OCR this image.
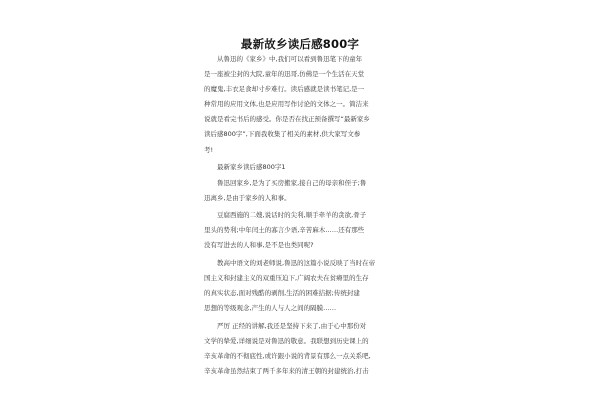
最新故乡读后感800字
从鲁迅的《家乡》中,我们可以看到鲁迅笔下的童年
是一座被尘封的大院,童年的迅哥,仿佛是一个生活在天堂
的魔鬼,丰衣足食却寸步难行。读后感就是读书笔记,是一
种常用的应用文体,也是应用写作讨论的文体之一。简洁来
说就是看完书后的感受。你是否在找正预备撰写“最新家乡
读后感800字”,下面我收集了相关的素材,供大家写文参
考!
最新家乡读后感800字1
鲁迅回家乡,是为了买房搬家,接自己的母亲和侄子;鲁
迅离乡,是由于家乡的人和事。
豆腐西施的二嫂,说话时的尖利,顺手牵羊的贪欲,骨子
里头的势利;中年闰土的寡言少语,辛苦麻木……还有那些
没有写进去的人和事,是不是也类同呢?
教高中语文的刘老师说,鲁迅的这篇小说反映了当时在帝
国主义和封建主义的双重压迫下,广阔农夫在贫瘠里的生存
的真实状态,面对残酷的剥削,生活的困难拮据;传统封建
思想的等级观念,产生的人与人之间的隔膜……
严厉 正经的讲解,我还是坚持下来了,由于心中那份对
文学的挚爱,详细说是对鲁迅的敬意。我联想到历史课上的
辛亥革命的不彻底性,或许跟小说的背景有那么一点关系吧,
辛亥革命虽然结束了两千多年来的清王朝的封建统治,打击
